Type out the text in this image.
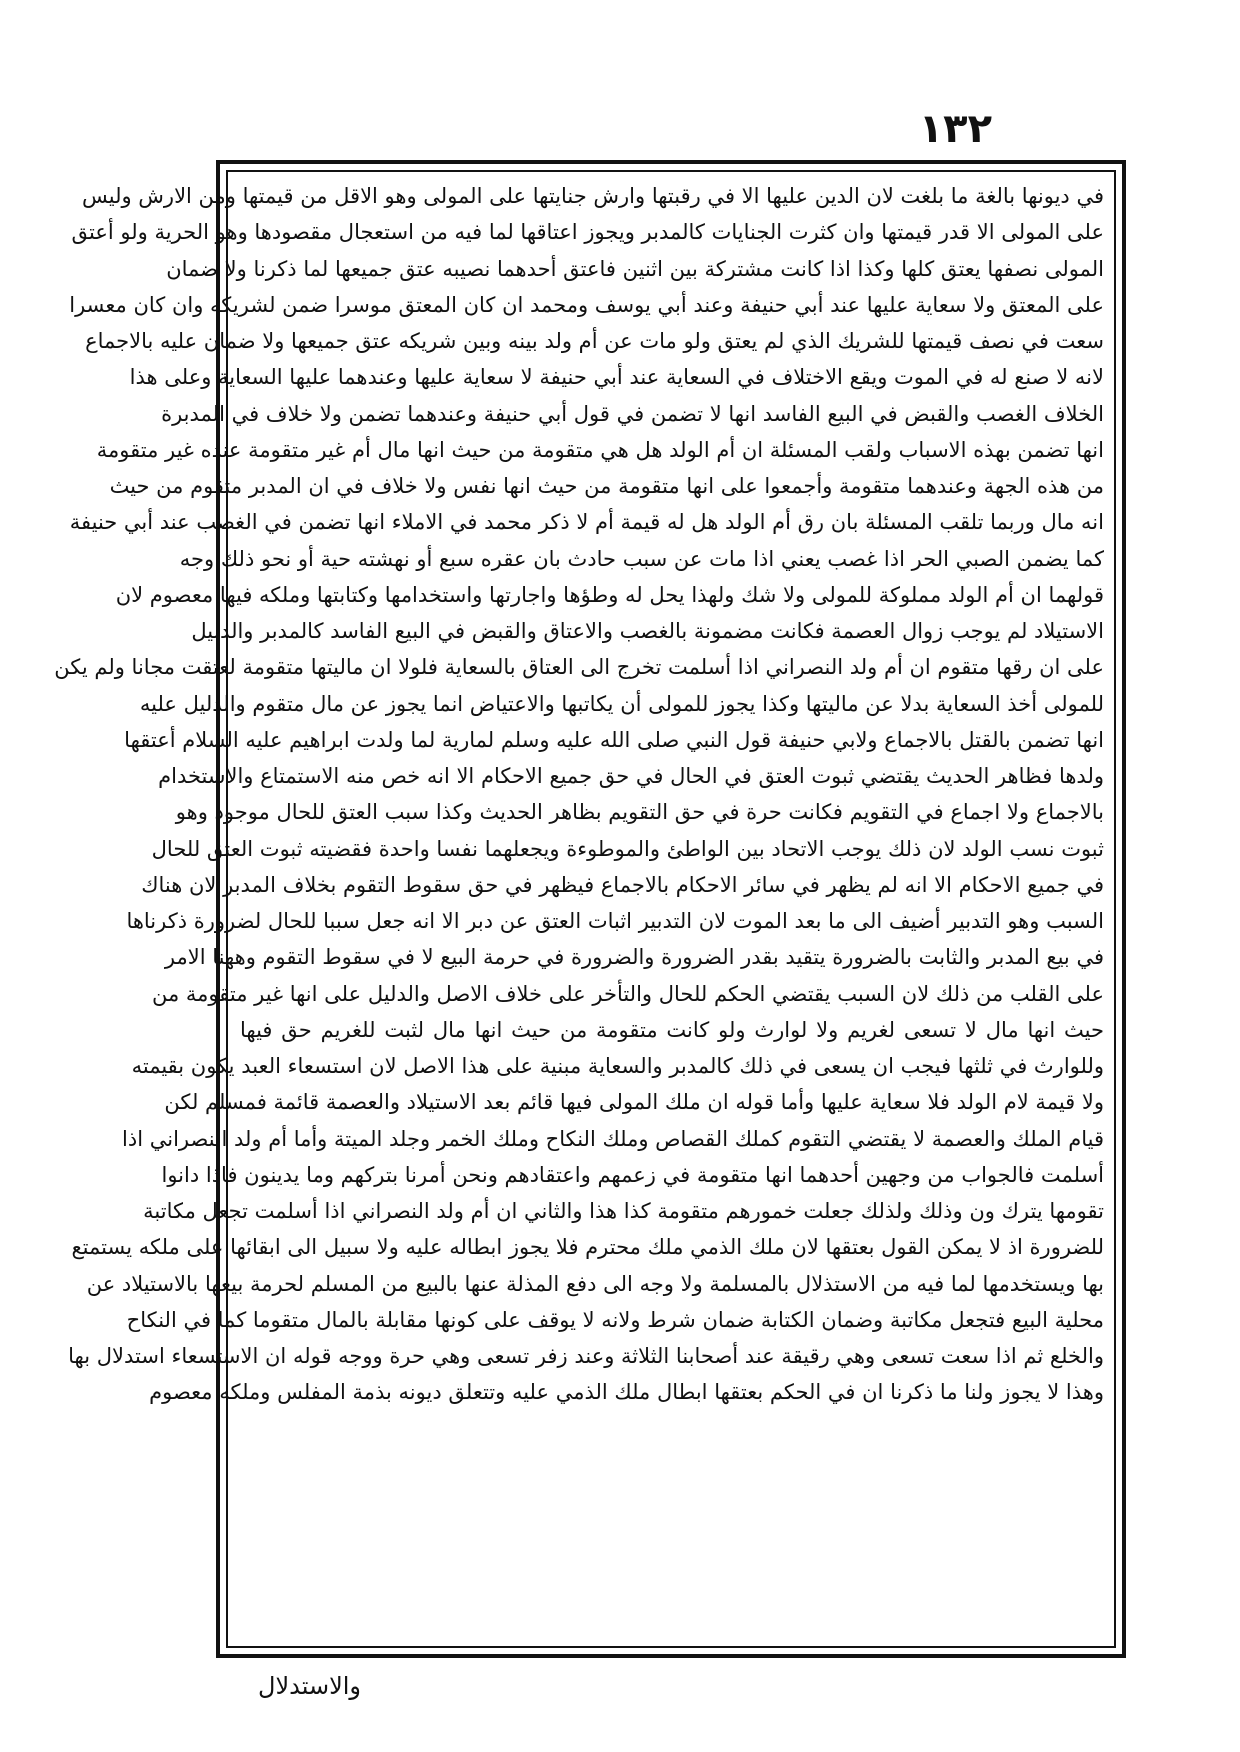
١٣٢
في ديونها بالغة ما بلغت لان الدين عليها الا في رقبتها وارش جنايتها على المولى وهو الاقل من قيمتها ومن الارش وليس
على المولى الا قدر قيمتها وان كثرت الجنايات كالمدبر ويجوز اعتاقها لما فيه من استعجال مقصودها وهو الحرية ولو أعتق
المولى نصفها يعتق كلها وكذا اذا كانت مشتركة بين اثنين فاعتق أحدهما نصيبه عتق جميعها لما ذكرنا ولا ضمان
على المعتق ولا سعاية عليها عند أبي حنيفة وعند أبي يوسف ومحمد ان كان المعتق موسرا ضمن لشريكه وان كان معسرا
سعت في نصف قيمتها للشريك الذي لم يعتق ولو مات عن أم ولد بينه وبين شريكه عتق جميعها ولا ضمان عليه بالاجماع
لانه لا صنع له في الموت ويقع الاختلاف في السعاية عند أبي حنيفة لا سعاية عليها وعندهما عليها السعاية وعلى هذا
الخلاف الغصب والقبض في البيع الفاسد انها لا تضمن في قول أبي حنيفة وعندهما تضمن ولا خلاف في المدبرة
انها تضمن بهذه الاسباب ولقب المسئلة ان أم الولد هل هي متقومة من حيث انها مال أم غير متقومة عنده غير متقومة
من هذه الجهة وعندهما متقومة وأجمعوا على انها متقومة من حيث انها نفس ولا خلاف في ان المدبر متقوم من حيث
انه مال وربما تلقب المسئلة بان رق أم الولد هل له قيمة أم لا ذكر محمد في الاملاء انها تضمن في الغصب عند أبي حنيفة
كما يضمن الصبي الحر اذا غصب يعني اذا مات عن سبب حادث بان عقره سبع أو نهشته حية أو نحو ذلك وجه
قولهما ان أم الولد مملوكة للمولى ولا شك ولهذا يحل له وطؤها واجارتها واستخدامها وكتابتها وملكه فيها معصوم لان
الاستيلاد لم يوجب زوال العصمة فكانت مضمونة بالغصب والاعتاق والقبض في البيع الفاسد كالمدبر والدليل
على ان رقها متقوم ان أم ولد النصراني اذا أسلمت تخرج الى العتاق بالسعاية فلولا ان ماليتها متقومة لعتقت مجانا ولم يكن
للمولى أخذ السعاية بدلا عن ماليتها وكذا يجوز للمولى أن يكاتبها والاعتياض انما يجوز عن مال متقوم والدليل عليه
انها تضمن بالقتل بالاجماع ولابي حنيفة قول النبي صلى الله عليه وسلم لمارية لما ولدت ابراهيم عليه السلام أعتقها
ولدها فظاهر الحديث يقتضي ثبوت العتق في الحال في حق جميع الاحكام الا انه خص منه الاستمتاع والاستخدام
بالاجماع ولا اجماع في التقويم فكانت حرة في حق التقويم بظاهر الحديث وكذا سبب العتق للحال موجود وهو
ثبوت نسب الولد لان ذلك يوجب الاتحاد بين الواطئ والموطوءة ويجعلهما نفسا واحدة فقضيته ثبوت العتق للحال
في جميع الاحكام الا انه لم يظهر في سائر الاحكام بالاجماع فيظهر في حق سقوط التقوم بخلاف المدبر لان هناك
السبب وهو التدبير أضيف الى ما بعد الموت لان التدبير اثبات العتق عن دبر الا انه جعل سببا للحال لضرورة ذكرناها
في بيع المدبر والثابت بالضرورة يتقيد بقدر الضرورة والضرورة في حرمة البيع لا في سقوط التقوم وههنا الامر
على القلب من ذلك لان السبب يقتضي الحكم للحال والتأخر على خلاف الاصل والدليل على انها غير متقومة من
حيث انها مال لا تسعى لغريم ولا لوارث ولو كانت متقومة من حيث انها مال لثبت للغريم حق فيها
وللوارث في ثلثها فيجب ان يسعى في ذلك كالمدبر والسعاية مبنية على هذا الاصل لان استسعاء العبد يكون بقيمته
ولا قيمة لام الولد فلا سعاية عليها وأما قوله ان ملك المولى فيها قائم بعد الاستيلاد والعصمة قائمة فمسلم لكن
قيام الملك والعصمة لا يقتضي التقوم كملك القصاص وملك النكاح وملك الخمر وجلد الميتة وأما أم ولد النصراني اذا
أسلمت فالجواب من وجهين أحدهما انها متقومة في زعمهم واعتقادهم ونحن أمرنا بتركهم وما يدينون فاذا دانوا
تقومها يترك ون وذلك ولذلك جعلت خمورهم متقومة كذا هذا والثاني ان أم ولد النصراني اذا أسلمت تجعل مكاتبة
للضرورة اذ لا يمكن القول بعتقها لان ملك الذمي ملك محترم فلا يجوز ابطاله عليه ولا سبيل الى ابقائها على ملكه يستمتع
بها ويستخدمها لما فيه من الاستذلال بالمسلمة ولا وجه الى دفع المذلة عنها بالبيع من المسلم لحرمة بيعها بالاستيلاد عن
محلية البيع فتجعل مكاتبة وضمان الكتابة ضمان شرط ولانه لا يوقف على كونها مقابلة بالمال متقوما كما في النكاح
والخلع ثم اذا سعت تسعى وهي رقيقة عند أصحابنا الثلاثة وعند زفر تسعى وهي حرة ووجه قوله ان الاستسعاء استدلال بها
وهذا لا يجوز ولنا ما ذكرنا ان في الحكم بعتقها ابطال ملك الذمي عليه وتتعلق ديونه بذمة المفلس وملكه معصوم
والاستدلال
